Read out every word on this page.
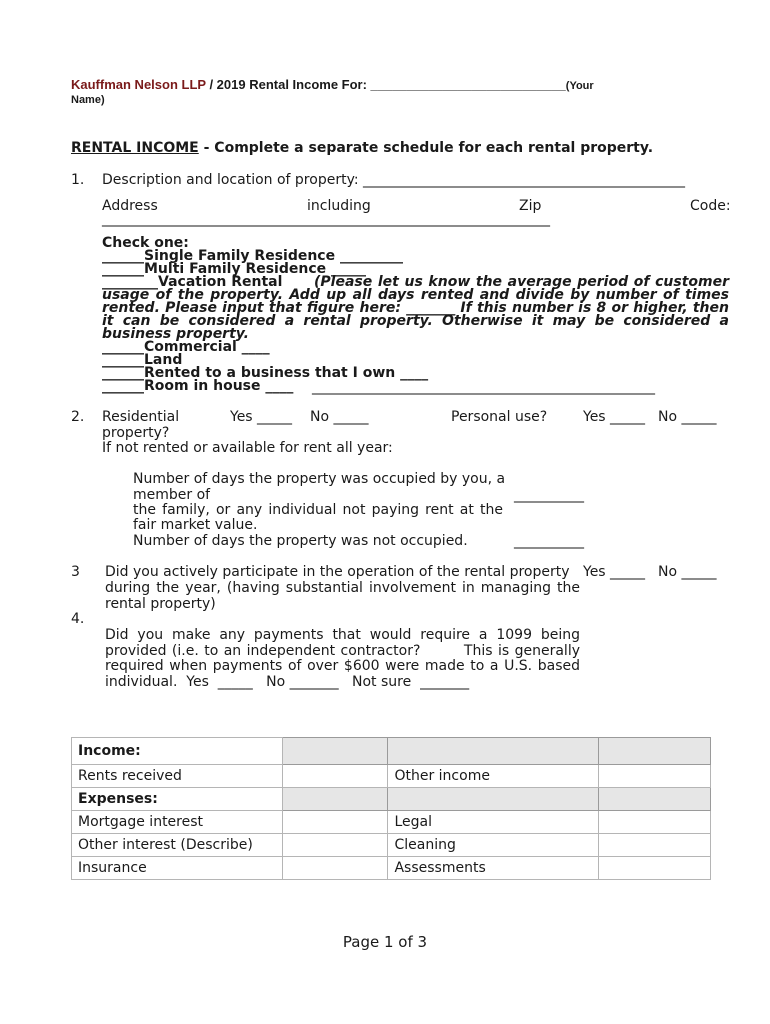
Kauffman Nelson LLP / 2019 Rental Income For: ___________________________(Your
Name)
RENTAL INCOME - Complete a separate schedule for each rental property.
1. Description and location of property: ______________________________________________
Address	including	Zip	Code:
________________________________________________________________
Check one:
______Single Family Residence _________
______Multi Family Residence _____
________Vacation Rental (Please let us know the average period of customer
usage of the property. Add up all days rented and divide by number of times
rented. Please input that figure here: _______ If this number is 8 or higher, then
it can be considered a rental property. Otherwise it may be considered a
business property.
______Commercial ____
______Land
______Rented to a business that I own ____
______Room in house ____ _________________________________________________
2. Residential
property?
Yes _____ No _____	Personal use?	Yes _____ No _____
If not rented or available for rent all year:
Number of days the property was occupied by you, a
member of
the family, or any individual not paying rent at the
fair market value.
__________
Number of days the property was not occupied.	__________
3 Did you actively participate in the operation of the rental property
during the year, (having substantial involvement in managing the
rental property)
Yes _____ No _____
4.
Did you make any payments that would require a 1099 being
provided (i.e. to an independent contractor?        This is generally
required when payments of over $600 were made to a U.S. based
individual.  Yes  _____   No _______   Not sure  _______
Income:			
Rents received		Other income	
Expenses:			
Mortgage interest		Legal	
Other interest (Describe)		Cleaning	
Insurance		Assessments	
Page 1 of 3
